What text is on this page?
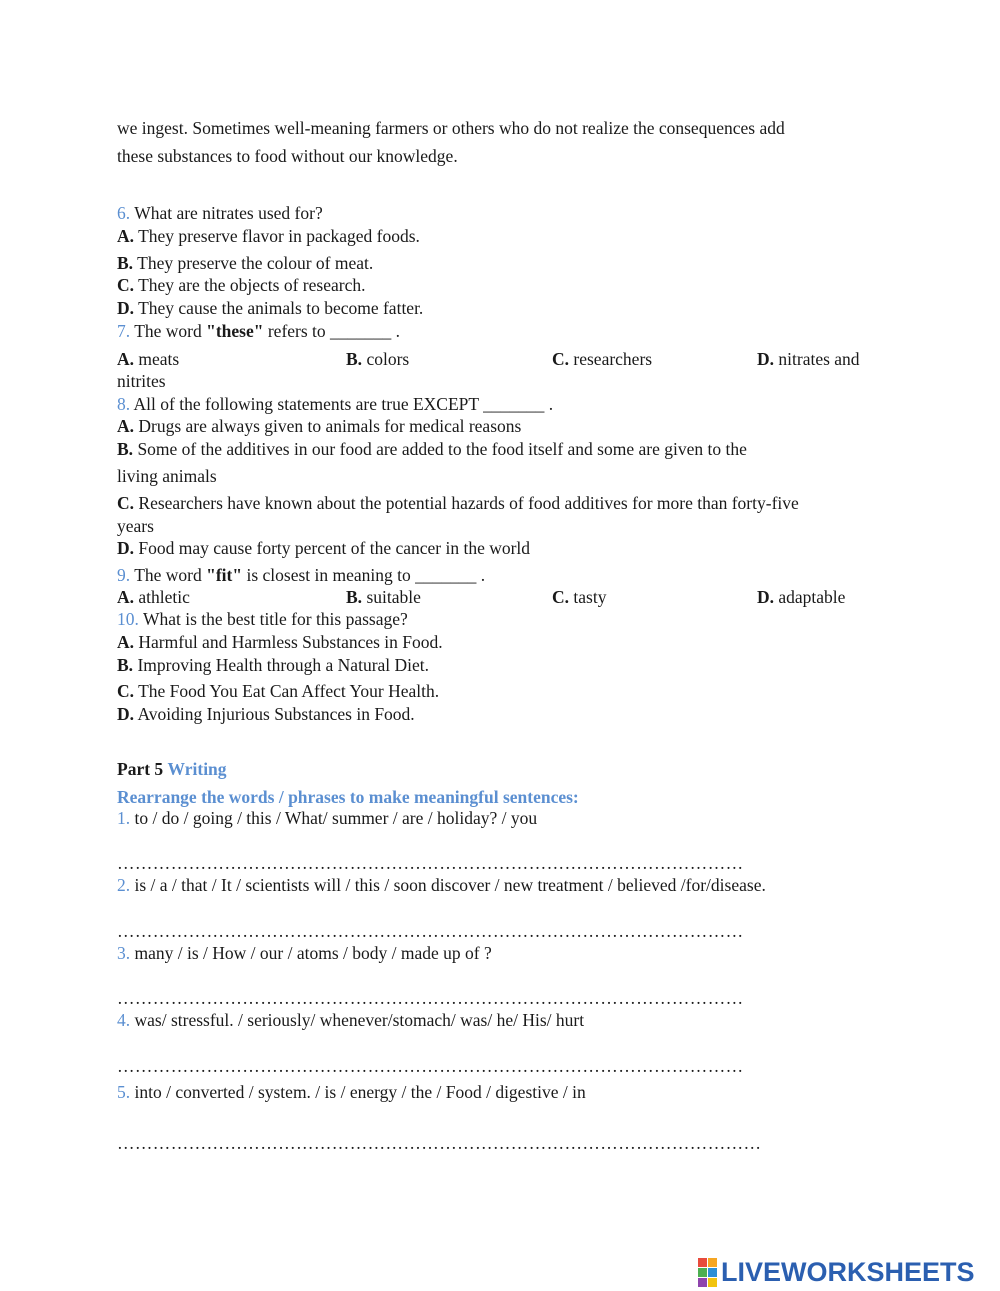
we ingest. Sometimes well-meaning farmers or others who do not realize the consequences add
these substances to food without our knowledge.
6. What are nitrates used for?
A. They preserve flavor in packaged foods.
B. They preserve the colour of meat.
C. They are the objects of research.
D. They cause the animals to become fatter.
7. The word "these" refers to _______ .
A. meats	B. colors	C. researchers	D. nitrates and
nitrites
8. All of the following statements are true EXCEPT _______ .
A. Drugs are always given to animals for medical reasons
B. Some of the additives in our food are added to the food itself and some are given to the
living animals
C. Researchers have known about the potential hazards of food additives for more than forty-five
years
D. Food may cause forty percent of the cancer in the world
9. The word "fit" is closest in meaning to _______ .
A. athletic	B. suitable	C. tasty	D. adaptable
10. What is the best title for this passage?
A. Harmful and Harmless Substances in Food.
B. Improving Health through a Natural Diet.
C. The Food You Eat Can Affect Your Health.
D. Avoiding Injurious Substances in Food.
Part 5 Writing
Rearrange the words / phrases to make meaningful sentences:
1. to / do / going / this / What/ summer / are / holiday? / you
……………………………………………………………………………………………
2. is / a / that / It / scientists will / this / soon discover / new treatment / believed /for/disease.
……………………………………………………………………………………………
3. many / is / How / our / atoms / body / made up of ?
……………………………………………………………………………………………
4. was/ stressful. / seriously/ whenever/stomach/ was/ he/ His/ hurt
……………………………………………………………………………………………
5. into / converted / system. / is / energy / the / Food / digestive / in
………………………………………………………………………………………………
LIVEWORKSHEETS
